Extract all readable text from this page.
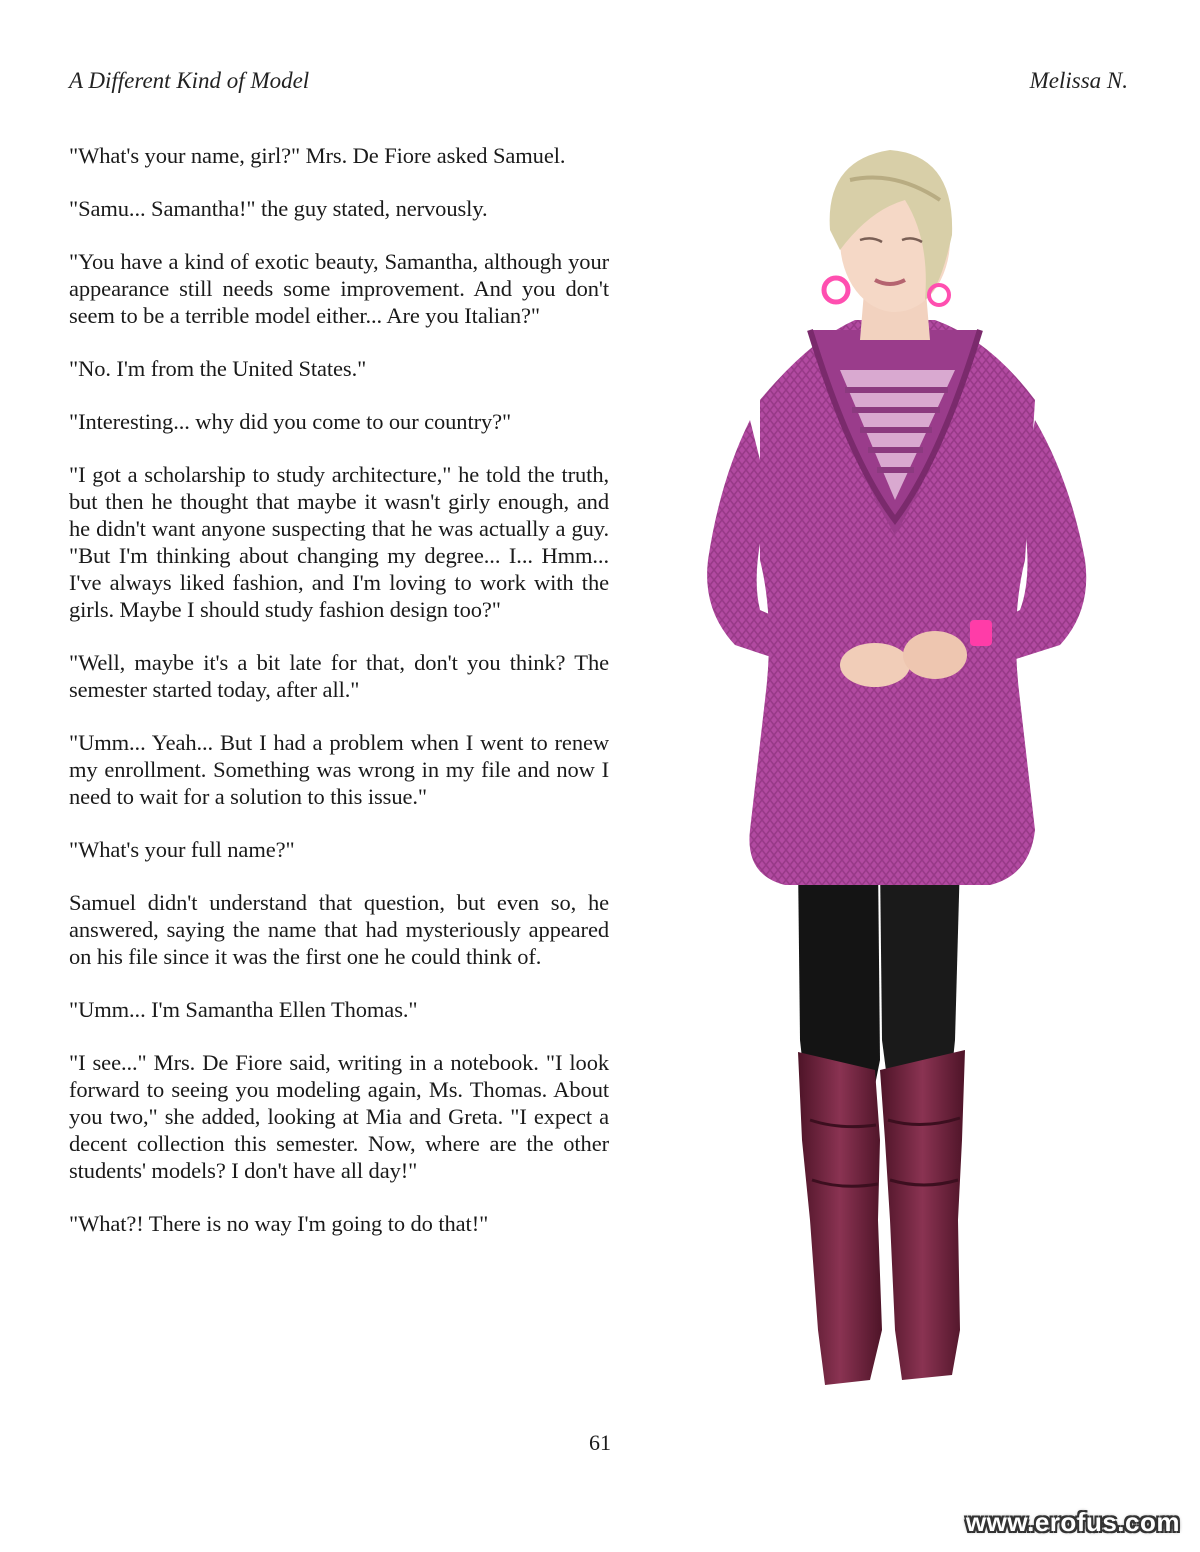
A Different Kind of Model	Melissa N.

"What's your name, girl?" Mrs. De Fiore asked Samuel.

"Samu... Samantha!" the guy stated, nervously.

"You have a kind of exotic beauty, Samantha, although your appearance still needs some improvement. And you don't seem to be a terrible model either... Are you Italian?"

"No. I'm from the United States."

"Interesting... why did you come to our country?"

"I got a scholarship to study architecture," he told the truth, but then he thought that maybe it wasn't girly enough, and he didn't want anyone suspecting that he was actually a guy. "But I'm thinking about changing my degree... I... Hmm... I've always liked fashion, and I'm loving to work with the girls. Maybe I should study fashion design too?"

"Well, maybe it's a bit late for that, don't you think? The semester started today, after all."

"Umm... Yeah... But I had a problem when I went to renew my enrollment. Something was wrong in my file and now I need to wait for a solution to this issue."

"What's your full name?"

Samuel didn't understand that question, but even so, he answered, saying the name that had mysteriously appeared on his file since it was the first one he could think of.

"Umm... I'm Samantha Ellen Thomas."

"I see..." Mrs. De Fiore said, writing in a notebook. "I look forward to seeing you modeling again, Ms. Thomas. About you two," she added, looking at Mia and Greta. "I expect a decent collection this semester. Now, where are the other students' models? I don't have all day!"

"What?! There is no way I'm going to do that!"

61
www.erofus.com
